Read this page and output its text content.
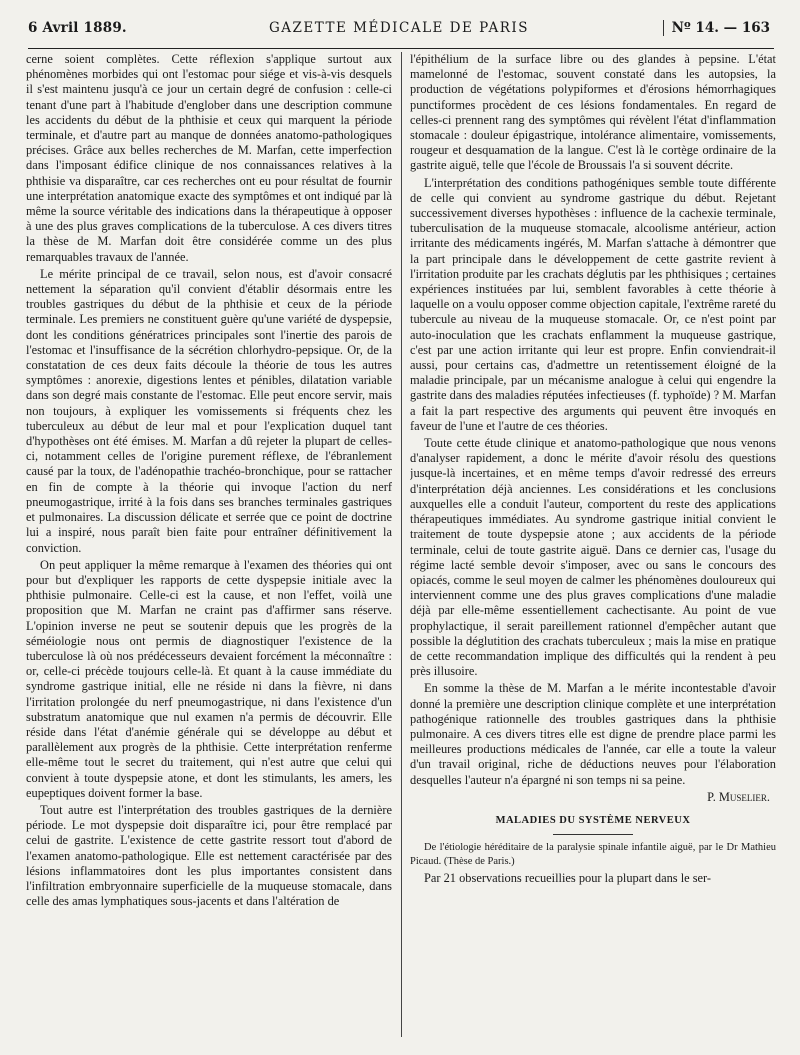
6 Avril 1889.	GAZETTE MÉDICALE DE PARIS	Nº 14. — 163

cerne soient complètes. Cette réflexion s'applique surtout aux phénomènes morbides qui ont l'estomac pour siége et vis-à-vis desquels il s'est maintenu jusqu'à ce jour un certain degré de confusion : celle-ci tenant d'une part à l'habitude d'englober dans une description commune les accidents du début de la phthisie et ceux qui marquent la période terminale, et d'autre part au manque de données anatomo-pathologiques précises. Grâce aux belles recherches de M. Marfan, cette imperfection dans l'imposant édifice clinique de nos connaissances relatives à la phthisie va disparaître, car ces recherches ont eu pour résultat de fournir une interprétation anatomique exacte des symptômes et ont indiqué par là même la source véritable des indications dans la thérapeutique à opposer à une des plus graves complications de la tuberculose. A ces divers titres la thèse de M. Marfan doit être considérée comme un des plus remarquables travaux de l'année.

Le mérite principal de ce travail, selon nous, est d'avoir consacré nettement la séparation qu'il convient d'établir désormais entre les troubles gastriques du début de la phthisie et ceux de la période terminale. Les premiers ne constituent guère qu'une variété de dyspepsie, dont les conditions génératrices principales sont l'inertie des parois de l'estomac et l'insuffisance de la sécrétion chlorhydro-pepsique. Or, de la constatation de ces deux faits découle la théorie de tous les autres symptômes : anorexie, digestions lentes et pénibles, dilatation variable dans son degré mais constante de l'estomac. Elle peut encore servir, mais non toujours, à expliquer les vomissements si fréquents chez les tuberculeux au début de leur mal et pour l'explication duquel tant d'hypothèses ont été émises. M. Marfan a dû rejeter la plupart de celles-ci, notamment celles de l'origine purement réflexe, de l'ébranlement causé par la toux, de l'adénopathie trachéo-bronchique, pour se rattacher en fin de compte à la théorie qui invoque l'action du nerf pneumogastrique, irrité à la fois dans ses branches terminales gastriques et pulmonaires. La discussion délicate et serrée que ce point de doctrine lui a inspiré, nous paraît bien faite pour entraîner définitivement la conviction.

On peut appliquer la même remarque à l'examen des théories qui ont pour but d'expliquer les rapports de cette dyspepsie initiale avec la phthisie pulmonaire. Celle-ci est la cause, et non l'effet, voilà une proposition que M. Marfan ne craint pas d'affirmer sans réserve. L'opinion inverse ne peut se soutenir depuis que les progrès de la séméiologie nous ont permis de diagnostiquer l'existence de la tuberculose là où nos prédécesseurs devaient forcément la méconnaître : or, celle-ci précède toujours celle-là. Et quant à la cause immédiate du syndrome gastrique initial, elle ne réside ni dans la fièvre, ni dans l'irritation prolongée du nerf pneumogastrique, ni dans l'existence d'un substratum anatomique que nul examen n'a permis de découvrir. Elle réside dans l'état d'anémie générale qui se développe au début et parallèlement aux progrès de la phthisie. Cette interprétation renferme elle-même tout le secret du traitement, qui n'est autre que celui qui convient à toute dyspepsie atone, et dont les stimulants, les amers, les eupeptiques doivent former la base.

Tout autre est l'interprétation des troubles gastriques de la dernière période. Le mot dyspepsie doit disparaître ici, pour être remplacé par celui de gastrite. L'existence de cette gastrite ressort tout d'abord de l'examen anatomo-pathologique. Elle est nettement caractérisée par des lésions inflammatoires dont les plus importantes consistent dans l'infiltration embryonnaire superficielle de la muqueuse stomacale, dans celle des amas lymphatiques sous-jacents et dans l'altération de

l'épithélium de la surface libre ou des glandes à pepsine. L'état mamelonné de l'estomac, souvent constaté dans les autopsies, la production de végétations polypiformes et d'érosions hémorrhagiques punctiformes procèdent de ces lésions fondamentales. En regard de celles-ci prennent rang des symptômes qui révèlent l'état d'inflammation stomacale : douleur épigastrique, intolérance alimentaire, vomissements, rougeur et desquamation de la langue. C'est là le cortège ordinaire de la gastrite aiguë, telle que l'école de Broussais l'a si souvent décrite.

L'interprétation des conditions pathogéniques semble toute différente de celle qui convient au syndrome gastrique du début. Rejetant successivement diverses hypothèses : influence de la cachexie terminale, tuberculisation de la muqueuse stomacale, alcoolisme antérieur, action irritante des médicaments ingérés, M. Marfan s'attache à démontrer que la part principale dans le développement de cette gastrite revient à l'irritation produite par les crachats déglutis par les phthisiques ; certaines expériences instituées par lui, semblent favorables à cette théorie à laquelle on a voulu opposer comme objection capitale, l'extrême rareté du tubercule au niveau de la muqueuse stomacale. Or, ce n'est point par auto-inoculation que les crachats enflamment la muqueuse gastrique, c'est par une action irritante qui leur est propre. Enfin conviendrait-il aussi, pour certains cas, d'admettre un retentissement éloigné de la maladie principale, par un mécanisme analogue à celui qui engendre la gastrite dans des maladies réputées infectieuses (f. typhoïde) ? M. Marfan a fait la part respective des arguments qui peuvent être invoqués en faveur de l'une et l'autre de ces théories.

Toute cette étude clinique et anatomo-pathologique que nous venons d'analyser rapidement, a donc le mérite d'avoir résolu des questions jusque-là incertaines, et en même temps d'avoir redressé des erreurs d'interprétation déjà anciennes. Les considérations et les conclusions auxquelles elle a conduit l'auteur, comportent du reste des applications thérapeutiques immédiates. Au syndrome gastrique initial convient le traitement de toute dyspepsie atone ; aux accidents de la période terminale, celui de toute gastrite aiguë. Dans ce dernier cas, l'usage du régime lacté semble devoir s'imposer, avec ou sans le concours des opiacés, comme le seul moyen de calmer les phénomènes douloureux qui interviennent comme une des plus graves complications d'une maladie déjà par elle-même essentiellement cachectisante. Au point de vue prophylactique, il serait pareillement rationnel d'empêcher autant que possible la déglutition des crachats tuberculeux ; mais la mise en pratique de cette recommandation implique des difficultés qui la rendent à peu près illusoire.

En somme la thèse de M. Marfan a le mérite incontestable d'avoir donné la première une description clinique complète et une interprétation pathogénique rationnelle des troubles gastriques dans la phthisie pulmonaire. A ces divers titres elle est digne de prendre place parmi les meilleures productions médicales de l'année, car elle a toute la valeur d'un travail original, riche de déductions neuves pour l'élaboration desquelles l'auteur n'a épargné ni son temps ni sa peine.

P. Muselier.
MALADIES DU SYSTÈME NERVEUX

De l'étiologie héréditaire de la paralysie spinale infantile aiguë, par le Dr Mathieu Picaud. (Thèse de Paris.)

Par 21 observations recueillies pour la plupart dans le ser-
